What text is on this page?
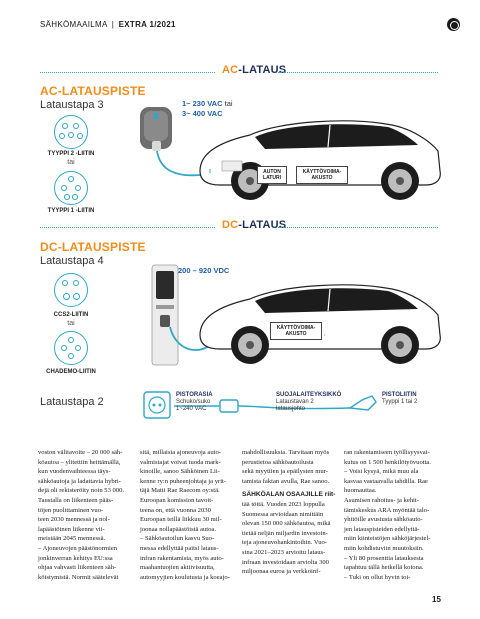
SÄHKÖMAAILMA | EXTRA 1/2021
AC-LATAUS
AC-LATAUSPISTE
Lataustapa 3
TYYPPI 2 -LIITIN
tai
TYYPPI 1 -LIITIN
1~ 230 VAC tai
3~ 400 VAC
AUTON
LATURI
KÄYTTÖVOIMA-
AKUSTO
DC-LATAUS
DC-LATAUSPISTE
Lataustapa 4
CCS2-LIITIN
tai
CHADEMO-LIITIN
200 – 920 VDC
KÄYTTÖVOIMA-
AKUSTO
Lataustapa 2
PISTORASIA
Schuko/suko
1~240 VAC
SUOJALAITEYKSIKKÖ
Lataustavan 2
latausjohto
PISTOLIITIN
Tyyppi 1 tai 2

voston välitavoite – 20 000 säh-

köautoa – ylitettiin heittämällä,

kun vuodenvaihteessa täys-

sähköautoja ja ladattavia hybri-

dejä oli rekisteröity noin 53 000.

Taustalla on liikenteen pääs-

töjen puolittaminen vuo-

teen 2030 mennessä ja nol-

lapäästöinen liikenne vii-

meistään 2045 mennessä.

– Ajoneuvojen päästönormien

jonkinverran kehitys EU:ssa

ohjaa vahvasti liikenteen säh-

köistymistä. Normit säätelevät

sitä, millaisia ajoneuvoja auto-

valmistajat voivat tuoda mark-

kinoille, sanoo Sähköinen Lii-

kenne ry:n puheenjohtaja ja yrit-

täjä Matti Rae Raecom oy:stä.

Euroopan komission tavoit-

teena on, että vuonna 2030

Euroopan teillä liikkuu 30 mil-

joonaa nollapäästöistä autoa.

– Sähköautoilun kasvu Suo-

messa edellyttää paitsi lataus-

infran rakentamista, myös auto-

maahantuojien aktiivisuutta,

automyyjien koulutusta ja koeajo-

mahdollisuuksia. Tarvitaan myös

perustietoa sähköautoilusta

sekä myyttien ja epäilysten mur-

tamista faktan avulla, Rae sanoo.

SÄHKÖALAN OSAAJILLE riit-

tää töitä. Vuoden 2023 loppulla

Suomessa arvioidaan nimittäin

olevan 150 000 sähköautoa, mikä

tietää neljän miljardin investoin-

teja ajoneuvohankintoihin. Vuo-

sina 2021–2023 arvioitu lataus-

infraan investoidaan arviolta 300

miljoonaa euroa ja verkkoinf-

ran rakentamiseen työllisyysvai-

kutus on 1 500 henkilötyövuotta.

– Voisi kysyä, mikä muu ala

kasvaa vastaavalla tahdilla. Rae

huomauttaa.

Asumisen rahoitus- ja kehit-

tämiskeskus ARA myöntää talo-

yhtiöille avustusta sähköauto-

jen latauspisteiden edellyttä-

miin kiinteistöjen sähköjärjestel-

miin kohdistuviin muutoksiin.

– Yli 80 prosenttia latauksesta

tapahtuu tällä hetkellä kotona.

– Tuki on ollut hyvin toi-

15
